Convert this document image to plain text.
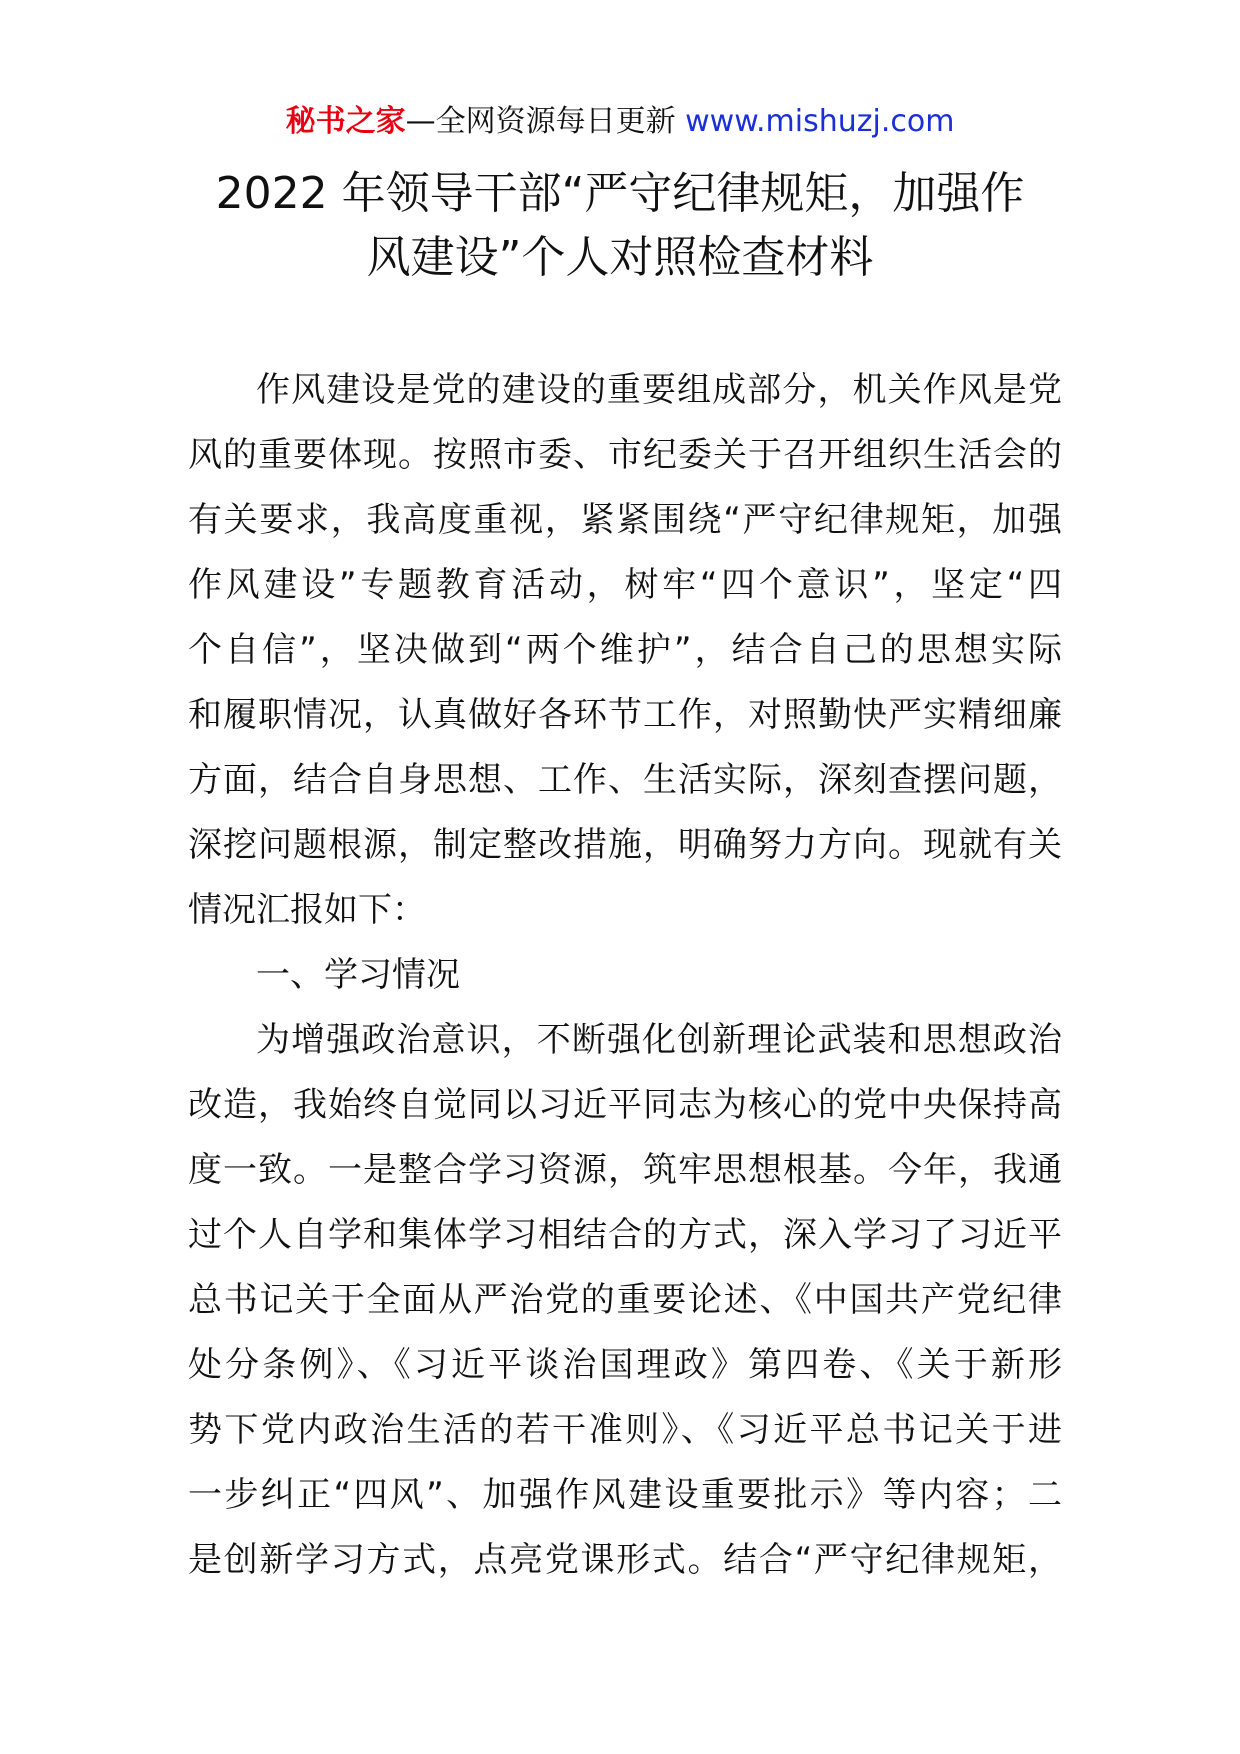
秘书之家—全网资源每日更新 www.mishuzj.com
2022 年领导干部“严守纪律规矩，加强作
风建设”个人对照检查材料
作风建设是党的建设的重要组成部分，机关作风是党
风的重要体现。按照市委、市纪委关于召开组织生活会的
有关要求，我高度重视，紧紧围绕“严守纪律规矩，加强
作风建设”专题教育活动，树牢“四个意识”，坚定“四
个自信”，坚决做到“两个维护”，结合自己的思想实际
和履职情况，认真做好各环节工作，对照勤快严实精细廉
方面，结合自身思想、工作、生活实际，深刻查摆问题，
深挖问题根源，制定整改措施，明确努力方向。现就有关
情况汇报如下：
一、学习情况
为增强政治意识，不断强化创新理论武装和思想政治
改造，我始终自觉同以习近平同志为核心的党中央保持高
度一致。一是整合学习资源，筑牢思想根基。今年，我通
过个人自学和集体学习相结合的方式，深入学习了习近平
总书记关于全面从严治党的重要论述、《中国共产党纪律
处分条例》、《习近平谈治国理政》第四卷、《关于新形
势下党内政治生活的若干准则》、《习近平总书记关于进
一步纠正“四风”、加强作风建设重要批示》等内容；二
是创新学习方式，点亮党课形式。结合“严守纪律规矩，
